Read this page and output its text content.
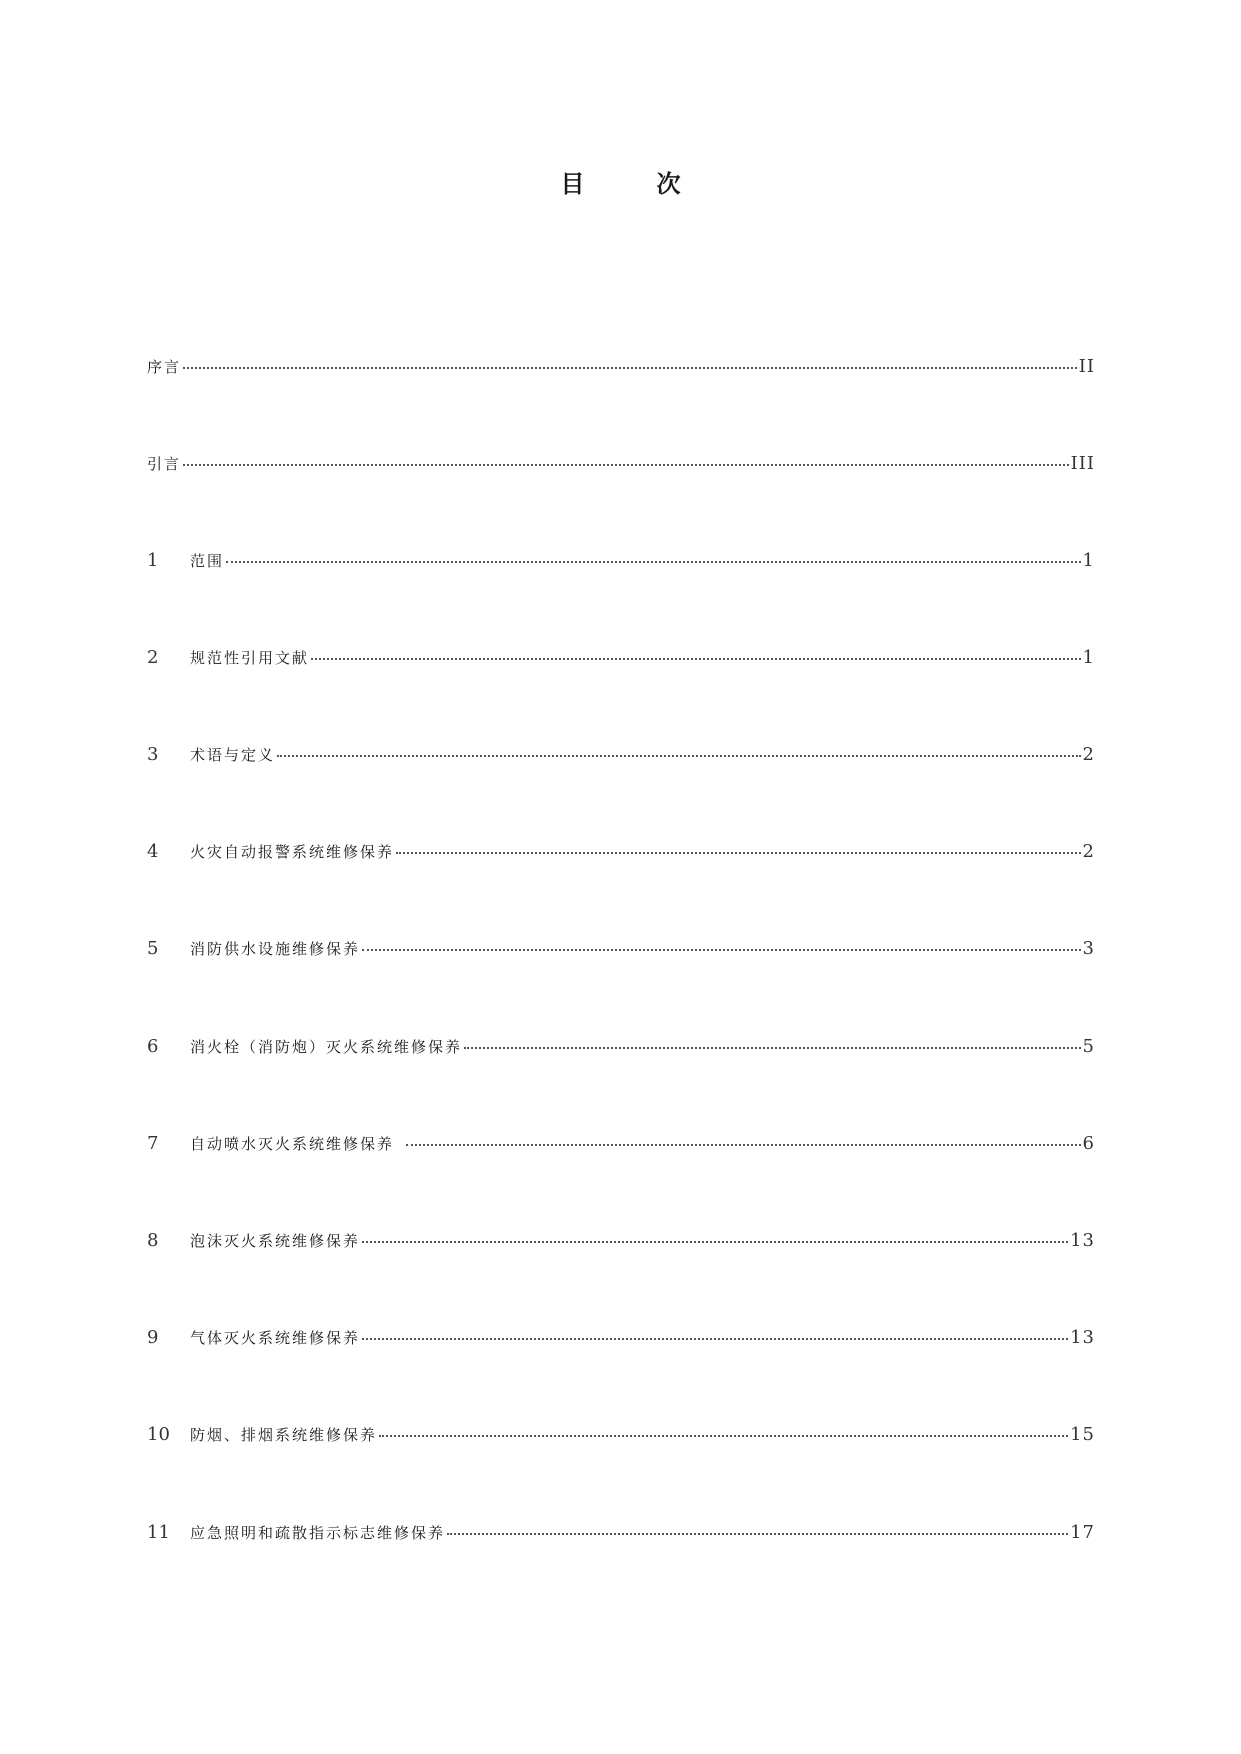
目	次
序言	II
引言	III
1	范围	1
2	规范性引用文献	1
3	术语与定义	2
4	火灾自动报警系统维修保养	2
5	消防供水设施维修保养	3
6	消火栓（消防炮）灭火系统维修保养	5
7	自动喷水灭火系统维修保养	6
8	泡沫灭火系统维修保养	13
9	气体灭火系统维修保养	13
10	防烟、排烟系统维修保养	15
11	应急照明和疏散指示标志维修保养	17
